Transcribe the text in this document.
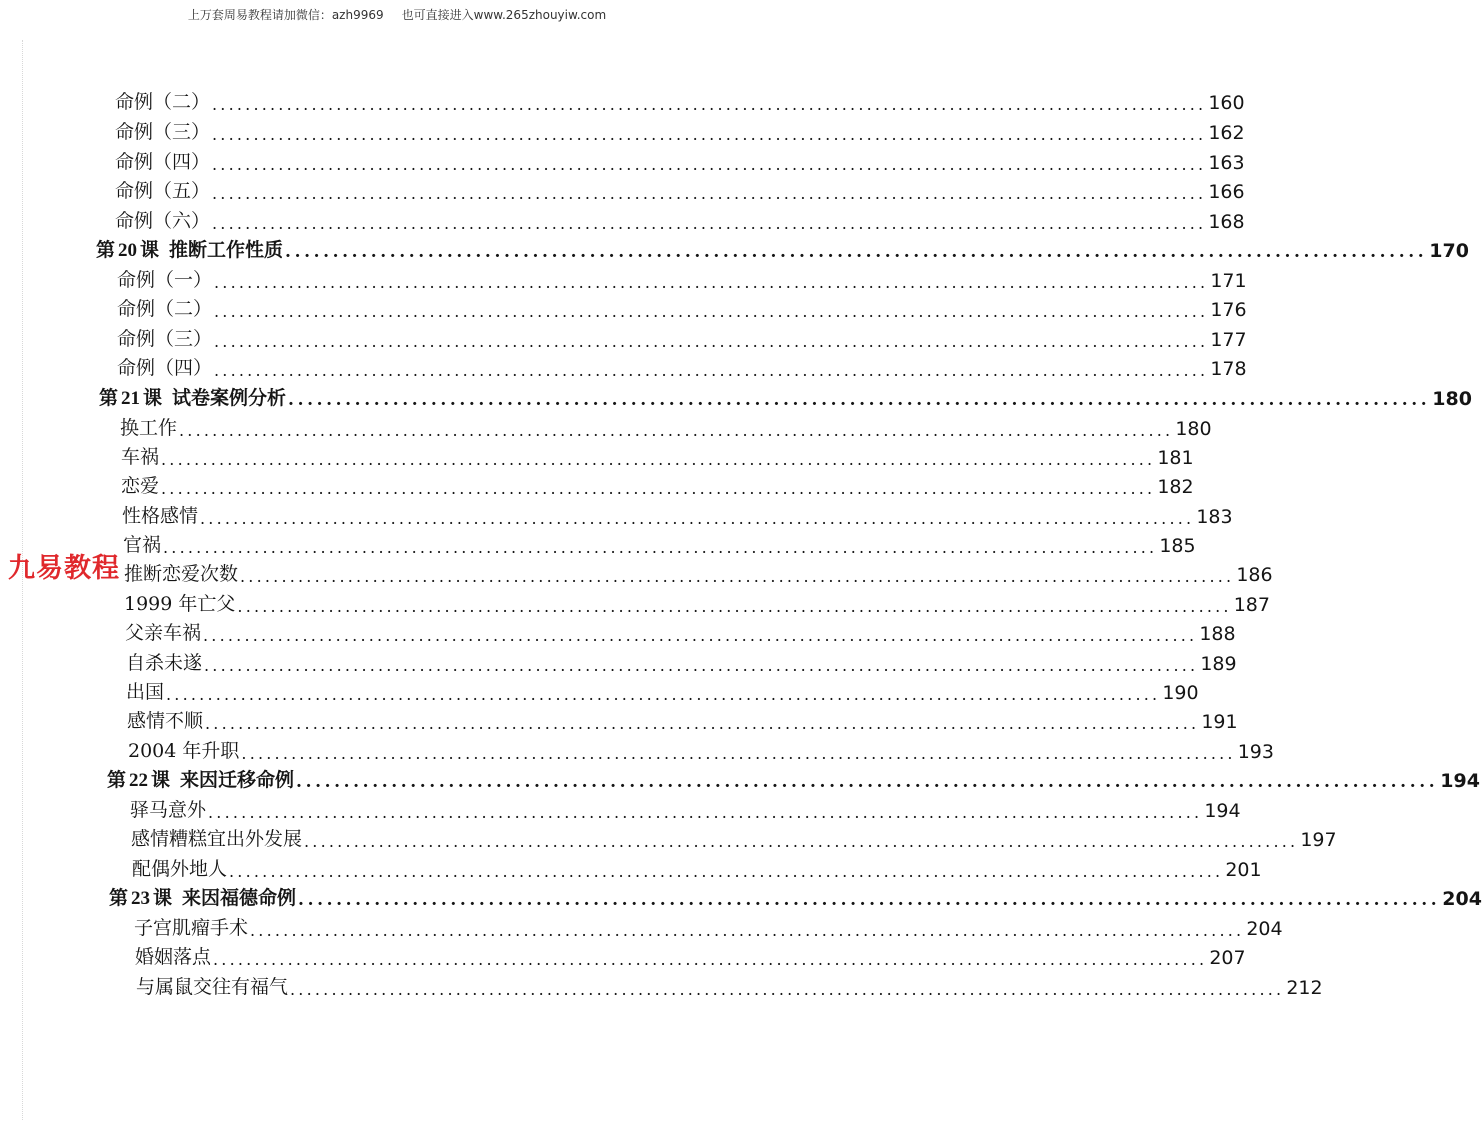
上万套周易教程请加微信：azh9969 也可直接进入www.265zhouyiw.com
命例（二） ........................................................................................................................ 160
命例（三） ........................................................................................................................ 162
命例（四） ........................................................................................................................ 163
命例（五） ........................................................................................................................ 166
命例（六） ........................................................................................................................ 168
第 20 课 推断工作性质 ........................................................................................................................ 170
命例（一） ........................................................................................................................ 171
命例（二） ........................................................................................................................ 176
命例（三） ........................................................................................................................ 177
命例（四） ........................................................................................................................ 178
第 21 课 试卷案例分析 ........................................................................................................................ 180
换工作 ........................................................................................................................ 180
车祸 ........................................................................................................................ 181
恋爱 ........................................................................................................................ 182
性格感情 ........................................................................................................................ 183
官祸 ........................................................................................................................ 185
推断恋爱次数 ........................................................................................................................ 186
1999 年亡父 ........................................................................................................................ 187
父亲车祸 ........................................................................................................................ 188
自杀未遂 ........................................................................................................................ 189
出国 ........................................................................................................................ 190
感情不顺 ........................................................................................................................ 191
2004 年升职 ........................................................................................................................ 193
第 22 课 来因迁移命例 ........................................................................................................................ 194
驿马意外 ........................................................................................................................ 194
感情糟糕宜出外发展 ........................................................................................................................ 197
配偶外地人 ........................................................................................................................ 201
第 23 课 来因福德命例 ........................................................................................................................ 204
子宫肌瘤手术 ........................................................................................................................ 204
婚姻落点 ........................................................................................................................ 207
与属鼠交往有福气 ........................................................................................................................ 212
九易教程
